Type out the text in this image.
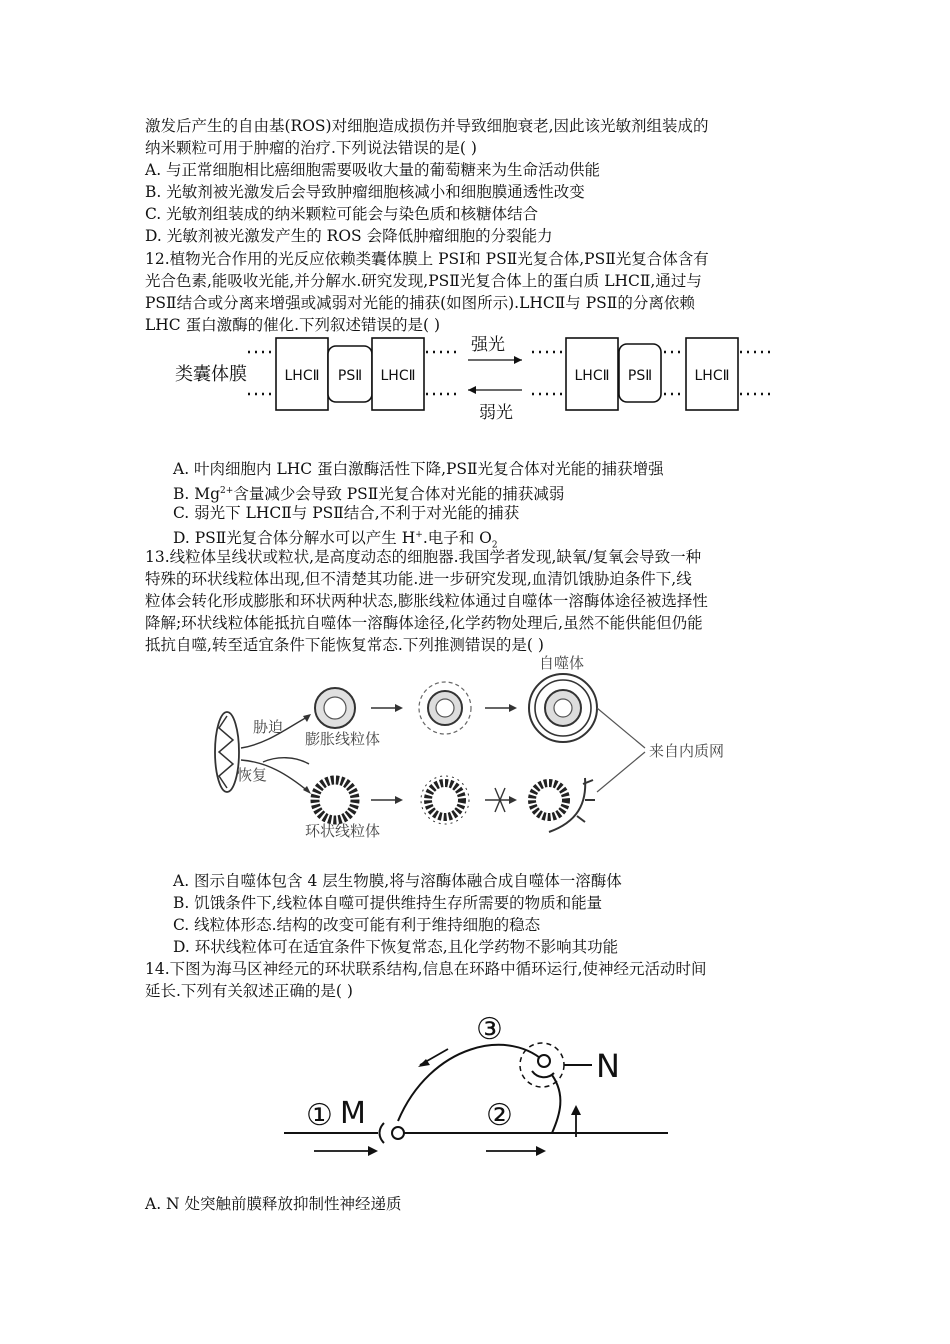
激发后产生的自由基(ROS)对细胞造成损伤并导致细胞衰老,因此该光敏剂组装成的
纳米颗粒可用于肿瘤的治疗.下列说法错误的是( )
A. 与正常细胞相比癌细胞需要吸收大量的葡萄糖来为生命活动供能
B. 光敏剂被光激发后会导致肿瘤细胞核减小和细胞膜通透性改变
C. 光敏剂组装成的纳米颗粒可能会与染色质和核糖体结合
D. 光敏剂被光激发产生的 ROS 会降低肿瘤细胞的分裂能力
12.植物光合作用的光反应依赖类囊体膜上 PSⅠ和 PSⅡ光复合体,PSⅡ光复合体含有
光合色素,能吸收光能,并分解水.研究发现,PSⅡ光复合体上的蛋白质 LHCⅡ,通过与
PSⅡ结合或分离来增强或减弱对光能的捕获(如图所示).LHCⅡ与 PSⅡ的分离依赖
LHC 蛋白激酶的催化.下列叙述错误的是( )
类囊体膜	LHCⅡ PSⅡ LHCⅡ
强光
弱光
LHCⅡ PSⅡ	LHCⅡ
A. 叶肉细胞内 LHC 蛋白激酶活性下降,PSⅡ光复合体对光能的捕获增强
B. $Mg^{2+}$含量减少会导致 PSⅡ光复合体对光能的捕获减弱
C. 弱光下 LHCⅡ与 PSⅡ结合,不利于对光能的捕获
D. PSⅡ光复合体分解水可以产生 H+.电子和 $O_2$
13.线粒体呈线状或粒状,是高度动态的细胞器.我国学者发现,缺氧/复氧会导致一种
特殊的环状线粒体出现,但不清楚其功能.进一步研究发现,血清饥饿胁迫条件下,线
粒体会转化形成膨胀和环状两种状态,膨胀线粒体通过自噬体一溶酶体途径被选择性
降解;环状线粒体能抵抗自噬体一溶酶体途径,化学药物处理后,虽然不能供能但仍能
抵抗自噬,转至适宜条件下能恢复常态.下列推测错误的是( )
自噬体
胁迫
恢复
膨胀线粒体
环状线粒体
来自内质网
A. 图示自噬体包含 4 层生物膜,将与溶酶体融合成自噬体一溶酶体
B. 饥饿条件下,线粒体自噬可提供维持生存所需要的物质和能量
C. 线粒体形态.结构的改变可能有利于维持细胞的稳态
D. 环状线粒体可在适宜条件下恢复常态,且化学药物不影响其功能
14.下图为海马区神经元的环状联系结构,信息在环路中循环运行,使神经元活动时间
延长.下列有关叙述正确的是( )
N
① M	②
③
A. N 处突触前膜释放抑制性神经递质
